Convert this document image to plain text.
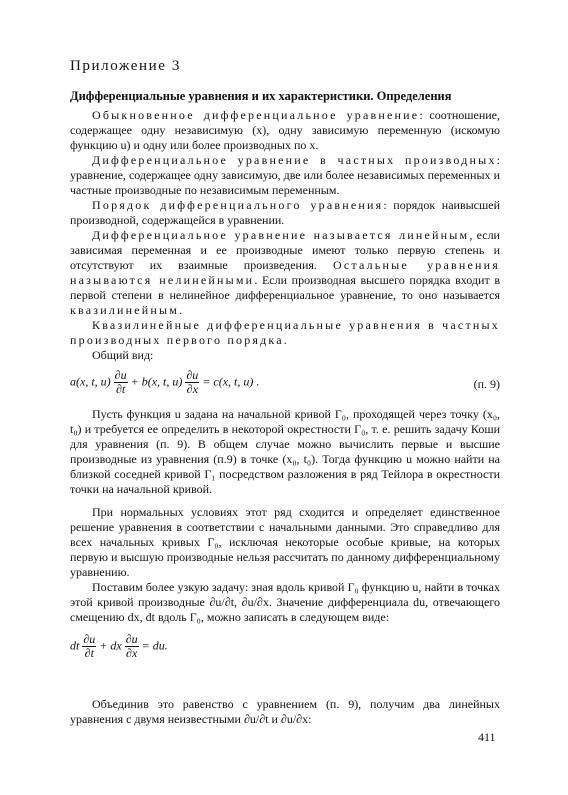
Приложение 3
Дифференциальные уравнения и их характеристики. Определения

Обыкновенное дифференциальное уравнение: соотношение, содержащее одну независимую (x), одну зависимую переменную (искомую функцию u) и одну или более производных по x.

Дифференциальное уравнение в частных производных: уравнение, содержащее одну зависимую, две или более независимых переменных и частные производные по независимым переменным.

Порядок дифференциального уравнения: порядок наивысшей производной, содержащейся в уравнении.

Дифференциальное уравнение называется линейным, если зависимая переменная и ее производные имеют только первую степень и отсутствуют их взаимные произведения. Остальные уравнения называются нелинейными. Если производная высшего порядка входит в первой степени в нелинейное дифференциальное уравнение, то оно называется квазилинейным.

Квазилинейные дифференциальные уравнения в частных производных первого порядка.

Общий вид:

a(x, t, $u) \frac{\partial u}{\partial t} + b(x$, t, $u) \frac{\partial u}{\partial x} = c(x$, t, u) .	(п. 9)

Пусть функция u задана на начальной кривой Γ₀, проходящей через точку (x₀, t₀) и требуется ее определить в некоторой окрестности Γ₀, т. е. решить задачу Коши для уравнения (п. 9). В общем случае можно вычислить первые и высшие производные из уравнения (п.9) в точке (x₀, t₀). Тогда функцию u можно найти на близкой соседней кривой Γ₁ посредством разложения в ряд Тейлора в окрестности точки на начальной кривой.

При нормальных условиях этот ряд сходится и определяет единственное решение уравнения в соответствии с начальными данными. Это справедливо для всех начальных кривых Γ₀, исключая некоторые особые кривые, на которых первую и высшую производные нельзя рассчитать по данному дифференциальному уравнению.

Поставим более узкую задачу: зная вдоль кривой Γ₀ функцию u, найти в точках этой кривой производные ∂u/∂t, ∂u/∂x. Значение дифференциала du, отвечающего смещению dx, dt вдоль Γ₀, можно записать в следующем виде:

dt $\frac{\partial u}{\partial t}$ + dx $\frac{\partial u}{\partial x}$ = du.

Объединив это равенство с уравнением (п. 9), получим два линейных уравнения с двумя неизвестными ∂u/∂t и ∂u/∂x:

411
